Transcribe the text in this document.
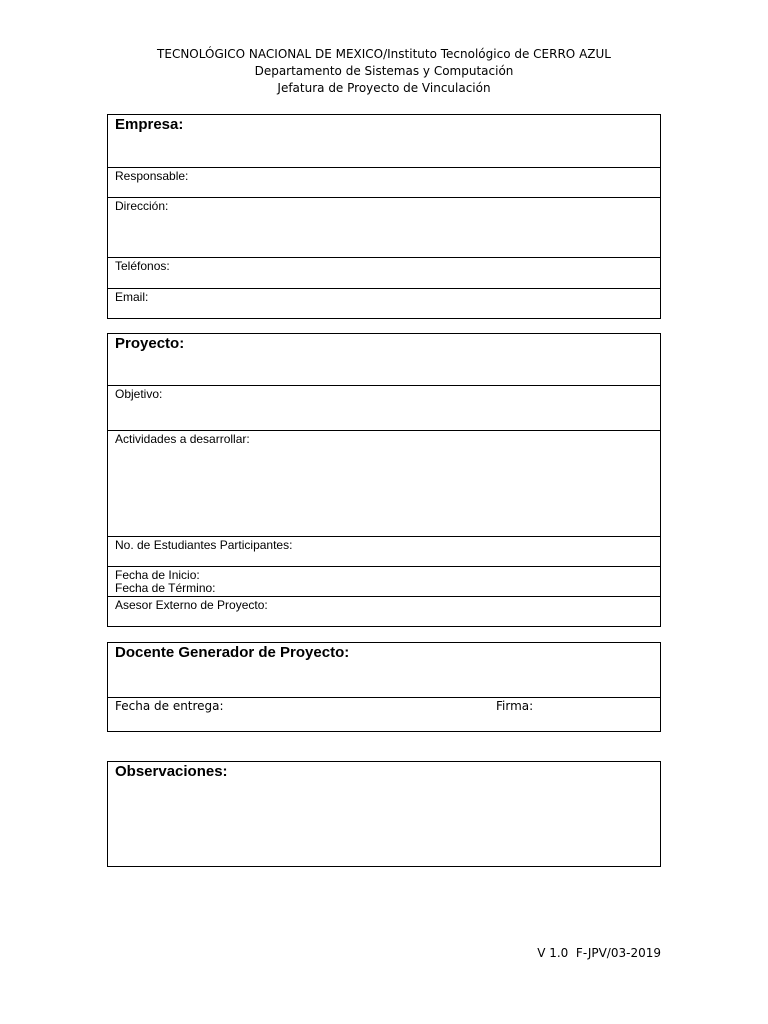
TECNOLÓGICO NACIONAL DE MEXICO/Instituto Tecnológico de CERRO AZUL
Departamento de Sistemas y Computación
Jefatura de Proyecto de Vinculación
Empresa:
Responsable:
Dirección:
Teléfonos:
Email:
Proyecto:
Objetivo:
Actividades a desarrollar:
No. de Estudiantes Participantes:
Fecha de Inicio:
Fecha de Término:
Asesor Externo de Proyecto:
Docente Generador de Proyecto:
Fecha de entrega:	Firma:
Observaciones:
V 1.0  F-JPV/03-2019
